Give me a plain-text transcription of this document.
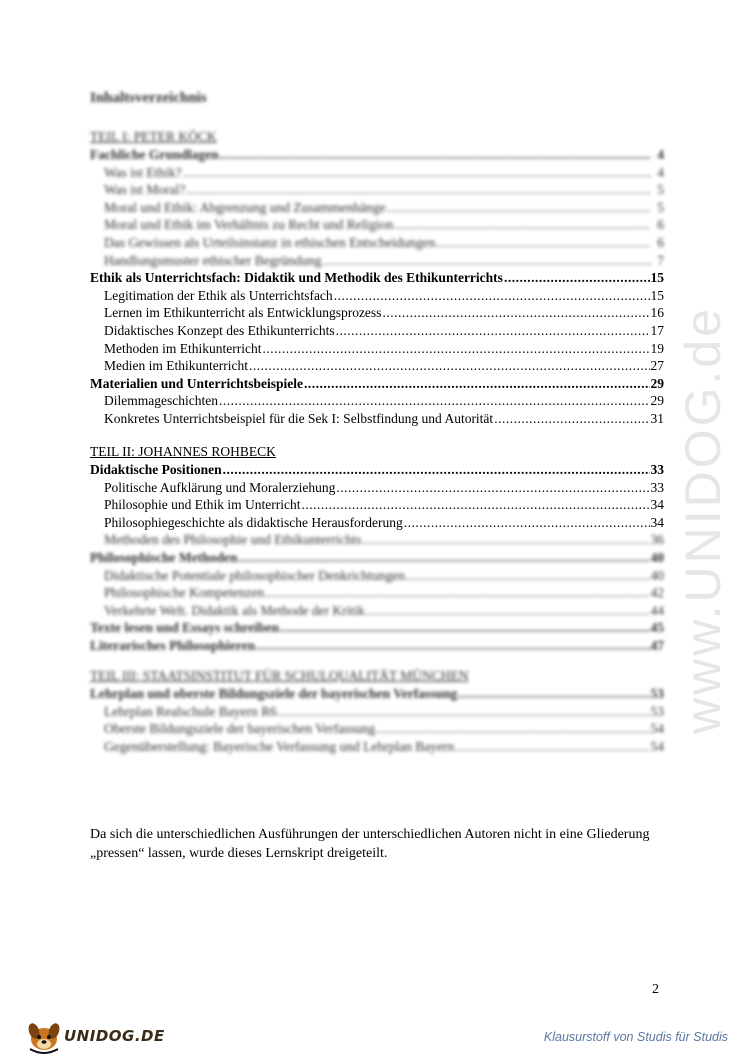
www.UNIDOG.de
Inhaltsverzeichnis
TEIL I: PETER KÖCK
Fachliche Grundlagen .....	4
Was ist Ethik? .....	4
Was ist Moral? .....	5
Moral und Ethik: Abgrenzung und Zusammenhänge .....	5
Moral und Ethik im Verhältnis zu Recht und Religion .....	6
Das Gewissen als Urteilsinstanz in ethischen Entscheidungen .....	6
Handlungsmuster ethischer Begründung .....	7
Ethik als Unterrichtsfach: Didaktik und Methodik des Ethikunterrichts .....	15
Legitimation der Ethik als Unterrichtsfach .....	15
Lernen im Ethikunterricht als Entwicklungsprozess .....	16
Didaktisches Konzept des Ethikunterrichts .....	17
Methoden im Ethikunterricht .....	19
Medien im Ethikunterricht .....	27
Materialien und Unterrichtsbeispiele .....	29
Dilemmageschichten .....	29
Konkretes Unterrichtsbeispiel für die Sek I: Selbstfindung und Autorität .....	31
TEIL II: JOHANNES ROHBECK
Didaktische Positionen .....	33
Politische Aufklärung und Moralerziehung .....	33
Philosophie und Ethik im Unterricht .....	34
Philosophiegeschichte als didaktische Herausforderung .....	34
Methoden des Philosophie und Ethikunterrichts .....	36
Philosophische Methoden .....	40
Didaktische Potentiale philosophischer Denkrichtungen .....	40
Philosophische Kompetenzen .....	42
Verkehrte Welt. Didaktik als Methode der Kritik .....	44
Texte lesen und Essays schreiben .....	45
Literarisches Philosophieren .....	47
TEIL III: STAATSINSTITUT FÜR SCHULQUALITÄT MÜNCHEN
Lehrplan und oberste Bildungsziele der bayerischen Verfassung .....	53
Lehrplan Realschule Bayern R6 .....	53
Oberste Bildungsziele der bayerischen Verfassung .....	54
Gegenüberstellung: Bayerische Verfassung und Lehrplan Bayern .....	54
Da sich die unterschiedlichen Ausführungen der unterschiedlichen Autoren nicht in eine Gliederung „pressen“ lassen, wurde dieses Lernskript dreigeteilt.
2
UNIDOG.DE	Klausurstoff von Studis für Studis
